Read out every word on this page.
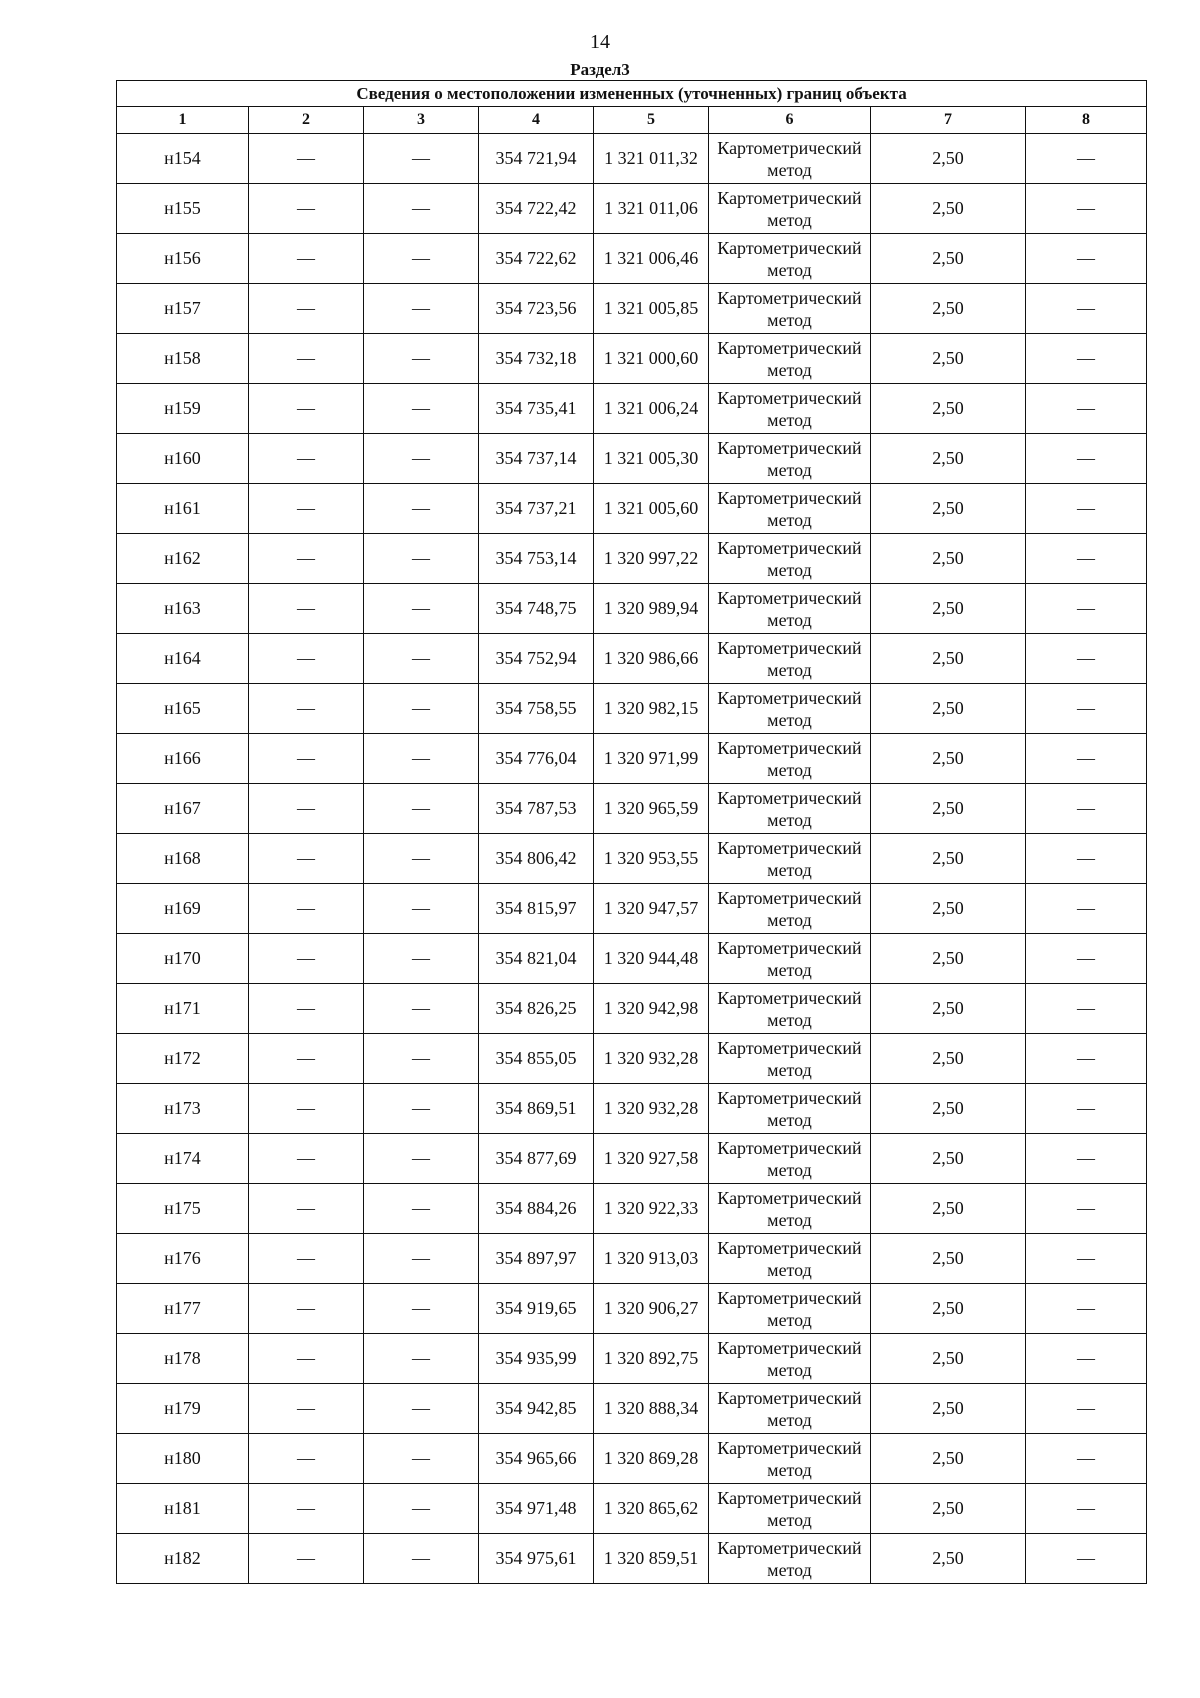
14
Раздел3
Сведения о местоположении измененных (уточненных) границ объекта							
1	2	3	4	5	6	7	8
н154	—	—	354 721,94	1 321 011,32	Картометрический метод	2,50	—
н155	—	—	354 722,42	1 321 011,06	Картометрический метод	2,50	—
н156	—	—	354 722,62	1 321 006,46	Картометрический метод	2,50	—
н157	—	—	354 723,56	1 321 005,85	Картометрический метод	2,50	—
н158	—	—	354 732,18	1 321 000,60	Картометрический метод	2,50	—
н159	—	—	354 735,41	1 321 006,24	Картометрический метод	2,50	—
н160	—	—	354 737,14	1 321 005,30	Картометрический метод	2,50	—
н161	—	—	354 737,21	1 321 005,60	Картометрический метод	2,50	—
н162	—	—	354 753,14	1 320 997,22	Картометрический метод	2,50	—
н163	—	—	354 748,75	1 320 989,94	Картометрический метод	2,50	—
н164	—	—	354 752,94	1 320 986,66	Картометрический метод	2,50	—
н165	—	—	354 758,55	1 320 982,15	Картометрический метод	2,50	—
н166	—	—	354 776,04	1 320 971,99	Картометрический метод	2,50	—
н167	—	—	354 787,53	1 320 965,59	Картометрический метод	2,50	—
н168	—	—	354 806,42	1 320 953,55	Картометрический метод	2,50	—
н169	—	—	354 815,97	1 320 947,57	Картометрический метод	2,50	—
н170	—	—	354 821,04	1 320 944,48	Картометрический метод	2,50	—
н171	—	—	354 826,25	1 320 942,98	Картометрический метод	2,50	—
н172	—	—	354 855,05	1 320 932,28	Картометрический метод	2,50	—
н173	—	—	354 869,51	1 320 932,28	Картометрический метод	2,50	—
н174	—	—	354 877,69	1 320 927,58	Картометрический метод	2,50	—
н175	—	—	354 884,26	1 320 922,33	Картометрический метод	2,50	—
н176	—	—	354 897,97	1 320 913,03	Картометрический метод	2,50	—
н177	—	—	354 919,65	1 320 906,27	Картометрический метод	2,50	—
н178	—	—	354 935,99	1 320 892,75	Картометрический метод	2,50	—
н179	—	—	354 942,85	1 320 888,34	Картометрический метод	2,50	—
н180	—	—	354 965,66	1 320 869,28	Картометрический метод	2,50	—
н181	—	—	354 971,48	1 320 865,62	Картометрический метод	2,50	—
н182	—	—	354 975,61	1 320 859,51	Картометрический метод	2,50	—
